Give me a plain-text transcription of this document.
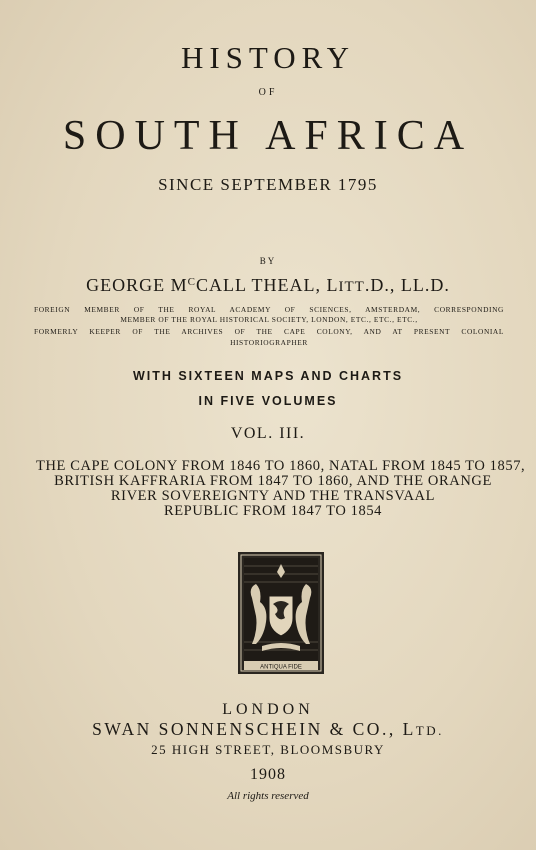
HISTORY
OF
SOUTH AFRICA
SINCE SEPTEMBER 1795
BY
GEORGE $M^CCALL$ THEAL, LITT.D., LL.D.
FOREIGN MEMBER OF THE ROYAL ACADEMY OF SCIENCES, AMSTERDAM, CORRESPONDING
MEMBER OF THE ROYAL HISTORICAL SOCIETY, LONDON, ETC., ETC., ETC.,
FORMERLY KEEPER OF THE ARCHIVES OF THE CAPE COLONY, AND AT PRESENT COLONIAL
HISTORIOGRAPHER
WITH SIXTEEN MAPS AND CHARTS
IN FIVE VOLUMES
VOL. III.
THE CAPE COLONY FROM 1846 TO 1860, NATAL FROM 1845 TO 1857,
BRITISH KAFFRARIA FROM 1847 TO 1860, AND THE ORANGE
RIVER SOVEREIGNTY AND THE TRANSVAAL
REPUBLIC FROM 1847 TO 1854
ANTIQUA FIDE
LONDON
SWAN SONNENSCHEIN & CO., LTD.
25 HIGH STREET, BLOOMSBURY
1908
All rights reserved
